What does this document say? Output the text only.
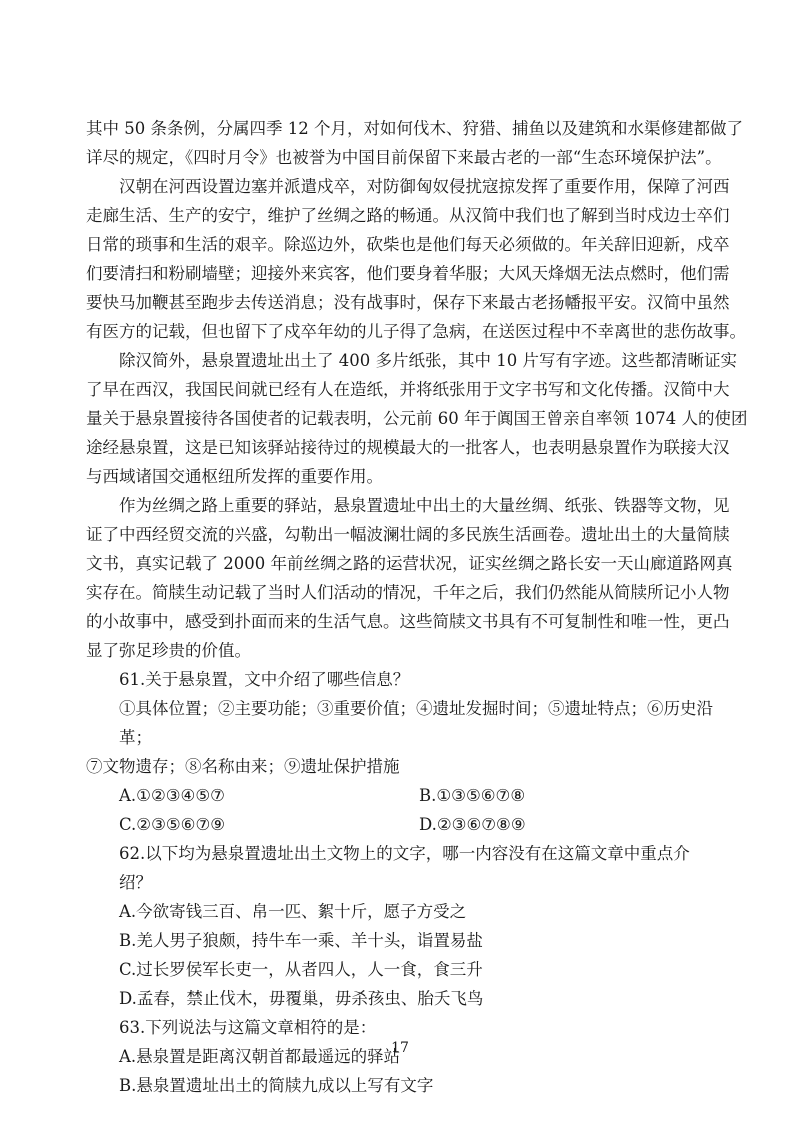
其中 50 条条例，分属四季 12 个月，对如何伐木、狩猎、捕鱼以及建筑和水渠修建都做了
详尽的规定，《四时月令》也被誉为中国目前保留下来最古老的一部“生态环境保护法”。

汉朝在河西设置边塞并派遣戍卒，对防御匈奴侵扰寇掠发挥了重要作用，保障了河西
走廊生活、生产的安宁，维护了丝绸之路的畅通。从汉简中我们也了解到当时戍边士卒们
日常的琐事和生活的艰辛。除巡边外，砍柴也是他们每天必须做的。年关辞旧迎新，戍卒
们要清扫和粉刷墙壁；迎接外来宾客，他们要身着华服；大风天烽烟无法点燃时，他们需
要快马加鞭甚至跑步去传送消息；没有战事时，保存下来最古老扬幡报平安。汉简中虽然
有医方的记载，但也留下了戍卒年幼的儿子得了急病，在送医过程中不幸离世的悲伤故事。

除汉简外，悬泉置遗址出土了 400 多片纸张，其中 10 片写有字迹。这些都清晰证实
了早在西汉，我国民间就已经有人在造纸，并将纸张用于文字书写和文化传播。汉简中大
量关于悬泉置接待各国使者的记载表明，公元前 60 年于阗国王曾亲自率领 1074 人的使团
途经悬泉置，这是已知该驿站接待过的规模最大的一批客人，也表明悬泉置作为联接大汉
与西域诸国交通枢纽所发挥的重要作用。

作为丝绸之路上重要的驿站，悬泉置遗址中出土的大量丝绸、纸张、铁器等文物，见
证了中西经贸交流的兴盛，勾勒出一幅波澜壮阔的多民族生活画卷。遗址出土的大量简牍
文书，真实记载了 2000 年前丝绸之路的运营状况，证实丝绸之路长安一天山廊道路网真
实存在。简牍生动记载了当时人们活动的情况，千年之后，我们仍然能从简牍所记小人物
的小故事中，感受到扑面而来的生活气息。这些简牍文书具有不可复制性和唯一性，更凸
显了弥足珍贵的价值。

61.关于悬泉置，文中介绍了哪些信息？

①具体位置；②主要功能；③重要价值；④遗址发掘时间；⑤遗址特点；⑥历史沿革；

⑦文物遗存；⑧名称由来；⑨遗址保护措施

A.①②③④⑤⑦	B.①③⑤⑥⑦⑧
C.②③⑤⑥⑦⑨	D.②③⑥⑦⑧⑨

62.以下均为悬泉置遗址出土文物上的文字，哪一内容没有在这篇文章中重点介绍？

A.今欲寄钱三百、帛一匹、絮十斤，愿子方受之

B.羌人男子狼颇，持牛车一乘、羊十头，诣置易盐

C.过长罗侯军长吏一，从者四人，人一食，食三升

D.孟春，禁止伐木，毋覆巢，毋杀孩虫、胎夭飞鸟

63.下列说法与这篇文章相符的是：

A.悬泉置是距离汉朝首都最遥远的驿站

B.悬泉置遗址出土的简牍九成以上写有文字

17
